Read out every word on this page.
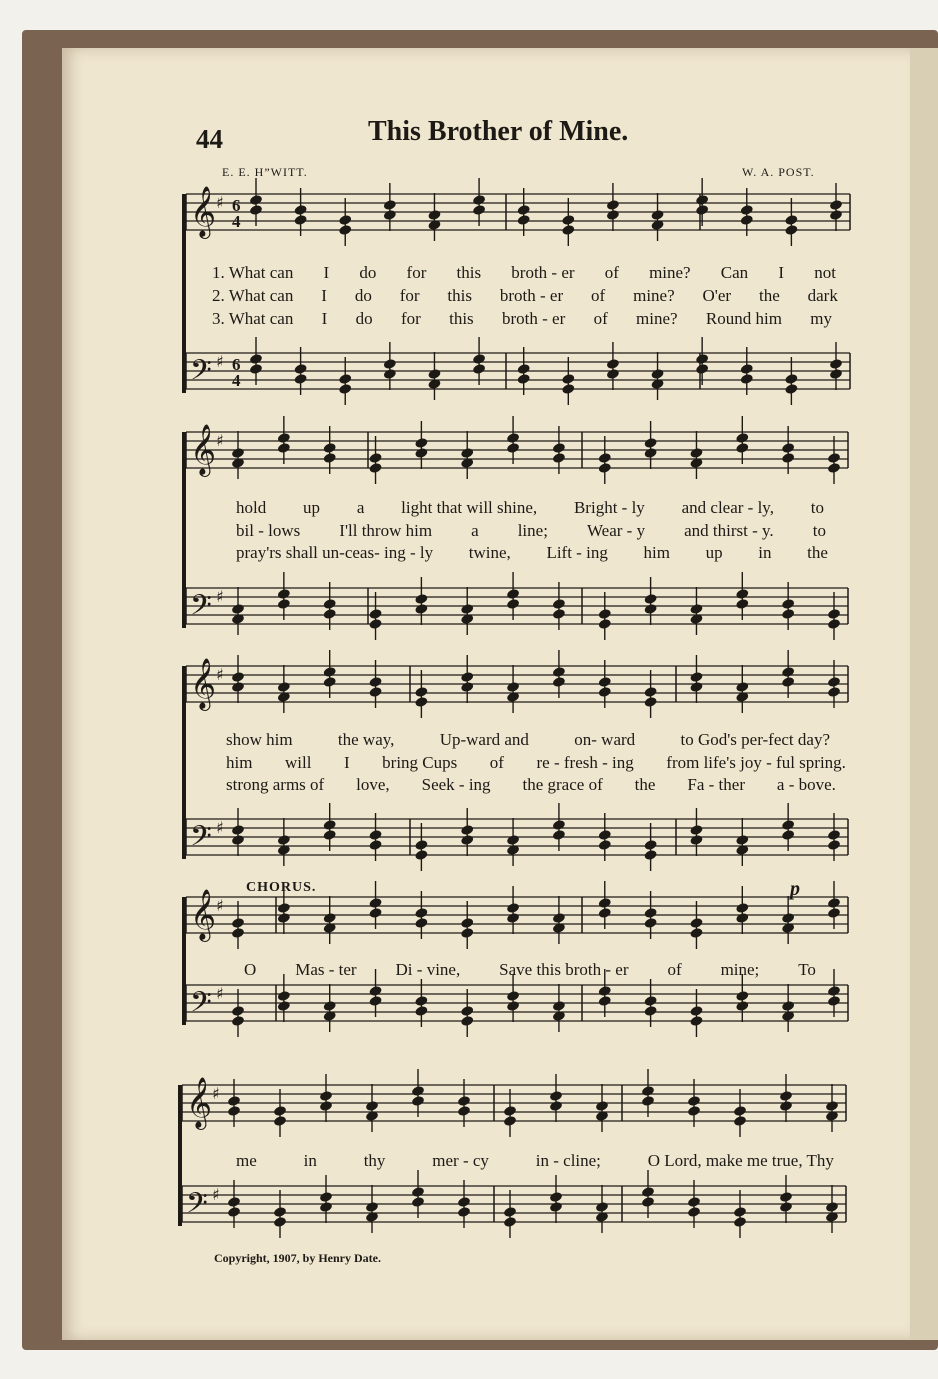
𝄞 ♯ 6
4
𝄢 ♯ 6
4
𝄞 ♯
𝄢 ♯
𝄞 ♯
𝄢 ♯
𝄞 ♯
𝄢 ♯
𝄞 ♯
𝄢 ♯
44	This Brother of Mine.
E. E. H”WITT.	W. A. POST.
CHORUS.	p
1. What can I do for this broth - er of mine? Can I not
2. What can I do for this broth - er of mine? O'er the dark
3. What can I do for this broth - er of mine? Round him my
hold up a light that will shine, Bright - ly and clear - ly, to
bil - lows I'll throw him a line; Wear - y and thirst - y. to
pray'rs shall un-ceas- ing - ly twine, Lift - ing him up in the
show him	the way,	Up-ward and	on- ward	to God's per-fect day?
him will I bring Cups of re - fresh - ing from life's joy - ful spring.
strong arms of love, Seek - ing the grace of the Fa - ther a - bove.
O Mas - ter Di - vine, Save this broth - er of mine; To
me	in	thy	mer - cy	in - cline;	O Lord, make me true, Thy
Copyright, 1907, by Henry Date.
